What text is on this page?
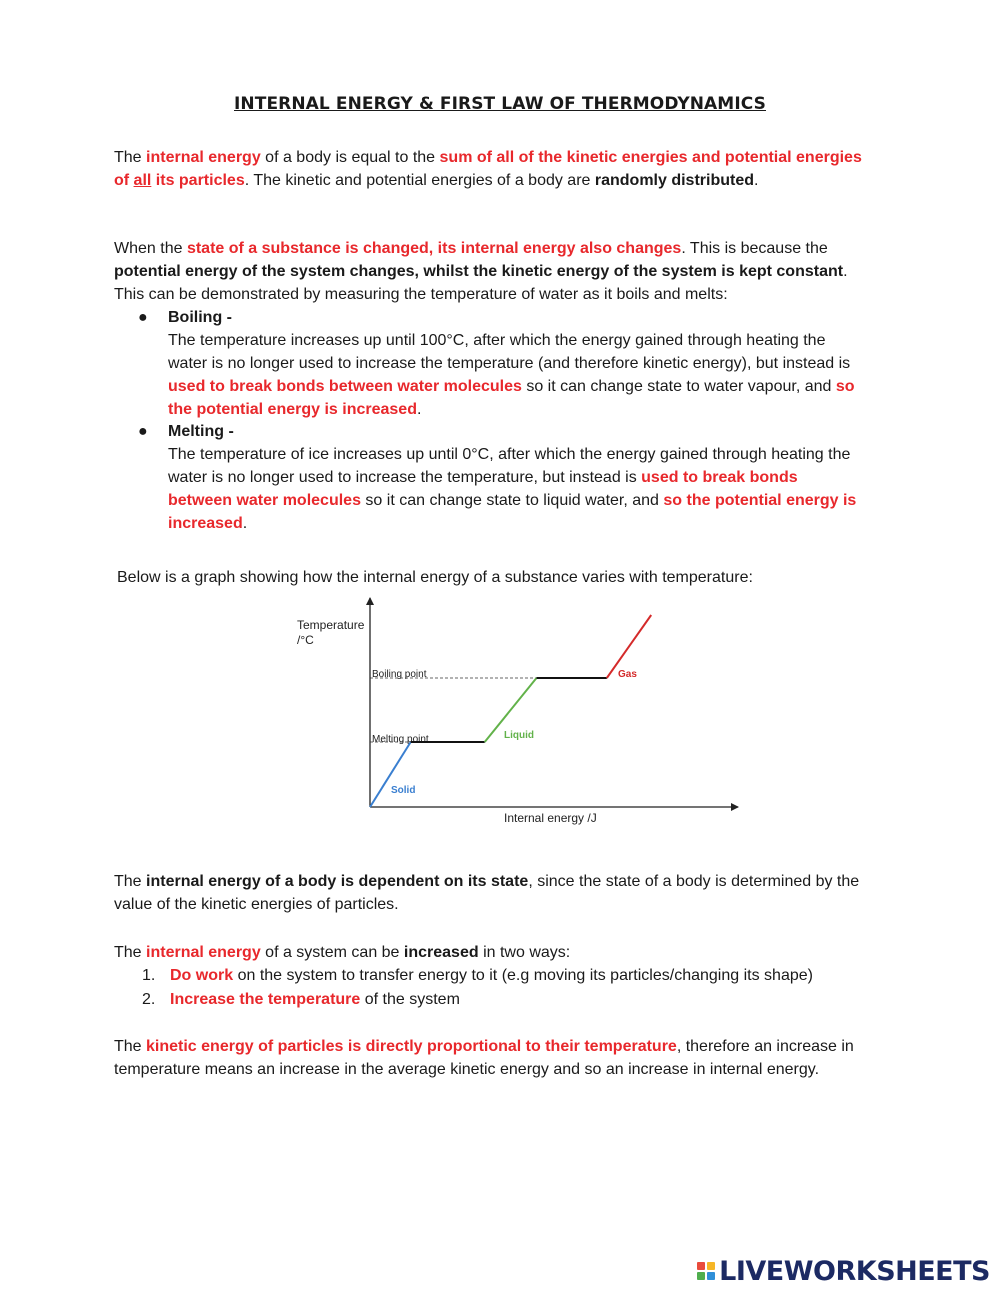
INTERNAL ENERGY & FIRST LAW OF THERMODYNAMICS
The internal energy of a body is equal to the sum of all of the kinetic energies and potential energies of all its particles. The kinetic and potential energies of a body are randomly distributed.
When the state of a substance is changed, its internal energy also changes. This is because the potential energy of the system changes, whilst the kinetic energy of the system is kept constant. This can be demonstrated by measuring the temperature of water as it boils and melts:
● Boiling -
The temperature increases up until 100°C, after which the energy gained through heating the water is no longer used to increase the temperature (and therefore kinetic energy), but instead is used to break bonds between water molecules so it can change state to water vapour, and so the potential energy is increased.
● Melting -
The temperature of ice increases up until 0°C, after which the energy gained through heating the water is no longer used to increase the temperature, but instead is used to break bonds between water molecules so it can change state to liquid water, and so the potential energy is increased.
Below is a graph showing how the internal energy of a substance varies with temperature:
Temperature
/°C
Internal energy /J
Boiling point
Melting point
Solid
Liquid
Gas
The internal energy of a body is dependent on its state, since the state of a body is determined by the value of the kinetic energies of particles.
The internal energy of a system can be increased in two ways:
1. Do work on the system to transfer energy to it (e.g moving its particles/changing its shape)
2. Increase the temperature of the system
The kinetic energy of particles is directly proportional to their temperature, therefore an increase in temperature means an increase in the average kinetic energy and so an increase in internal energy.
LIVEWORKSHEETS
